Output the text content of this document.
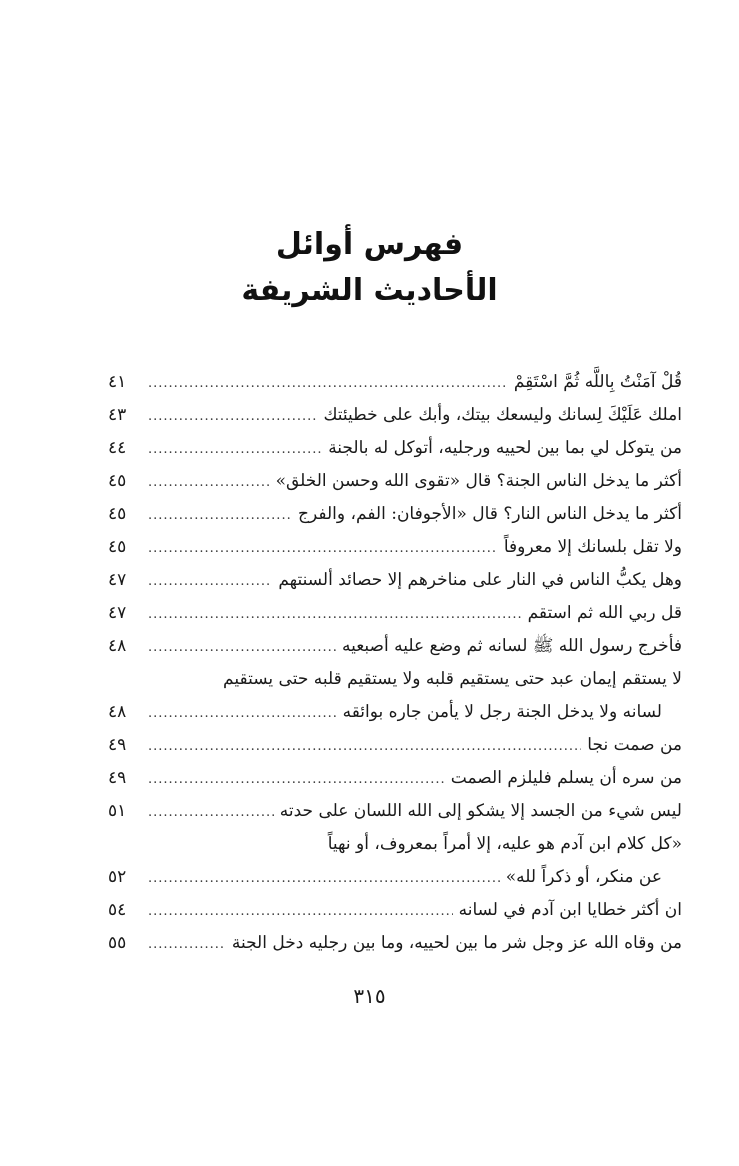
فهرس أوائل
الأحاديث الشريفة
قُلْ آمَنْتُ بِاللَّه ثُمَّ اسْتَقِمْ
.....
٤١
املك عَلَيْكَ لِسانك وليسعك بيتك، وأبك على خطيئتك
.....
٤٣
من يتوكل لي بما بين لحييه ورجليه، أتوكل له بالجنة
.....
٤٤
أكثر ما يدخل الناس الجنة؟ قال «تقوى الله وحسن الخلق»
.....
٤٥
أكثر ما يدخل الناس النار؟ قال «الأجوفان: الفم، والفرج
.....
٤٥
ولا تقل بلسانك إلا معروفاً
.....
٤٥
وهل يكبُّ الناس في النار على مناخرهم إلا حصائد ألسنتهم
.....
٤٧
قل ربي الله ثم استقم
.....
٤٧
فأخرج رسول الله ﷺ لسانه ثم وضع عليه أصبعيه
.....
٤٨
لا يستقم إيمان عبد حتى يستقيم قلبه ولا يستقيم قلبه حتى يستقيم
لسانه ولا يدخل الجنة رجل لا يأمن جاره بوائقه
.....
٤٨
من صمت نجا
.....
٤٩
من سره أن يسلم فليلزم الصمت
.....
٤٩
ليس شيء من الجسد إلا يشكو إلى الله اللسان على حدته
.....
٥١
«كل كلام ابن آدم هو عليه، إلا أمراً بمعروف، أو نهياً
عن منكر، أو ذكراً لله»
.....
٥٢
ان أكثر خطايا ابن آدم في لسانه
.....
٥٤
من وقاه الله عز وجل شر ما بين لحييه، وما بين رجليه دخل الجنة
.....
٥٥
٣١٥
